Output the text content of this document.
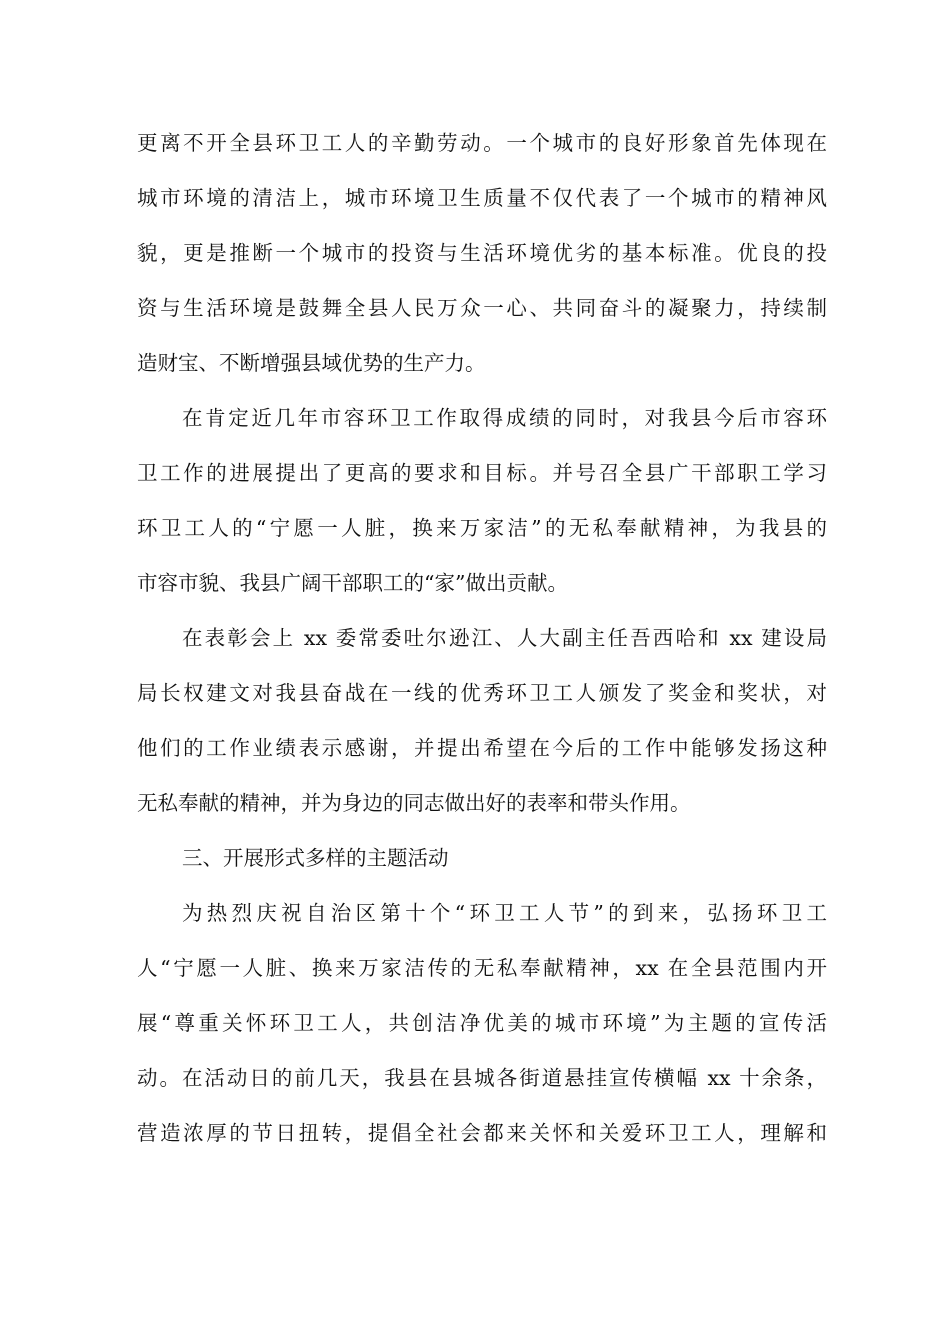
更离不开全县环卫工人的辛勤劳动。一个城市的良好形象首先体现在
城市环境的清洁上，城市环境卫生质量不仅代表了一个城市的精神风
貌，更是推断一个城市的投资与生活环境优劣的基本标准。优良的投
资与生活环境是鼓舞全县人民万众一心、共同奋斗的凝聚力，持续制
造财宝、不断增强县域优势的生产力。
在肯定近几年市容环卫工作取得成绩的同时，对我县今后市容环
卫工作的进展提出了更高的要求和目标。并号召全县广干部职工学习
环卫工人的“宁愿一人脏，换来万家洁”的无私奉献精神，为我县的
市容市貌、我县广阔干部职工的“家”做出贡献。
在表彰会上 xx 委常委吐尔逊江、人大副主任吾西哈和 xx 建设局
局长权建文对我县奋战在一线的优秀环卫工人颁发了奖金和奖状，对
他们的工作业绩表示感谢，并提出希望在今后的工作中能够发扬这种
无私奉献的精神，并为身边的同志做出好的表率和带头作用。
三、开展形式多样的主题活动
为热烈庆祝自治区第十个“环卫工人节”的到来，弘扬环卫工
人“宁愿一人脏、换来万家洁传的无私奉献精神，xx 在全县范围内开
展“尊重关怀环卫工人，共创洁净优美的城市环境”为主题的宣传活
动。在活动日的前几天，我县在县城各街道悬挂宣传横幅 xx 十余条，
营造浓厚的节日扭转，提倡全社会都来关怀和关爱环卫工人，理解和
